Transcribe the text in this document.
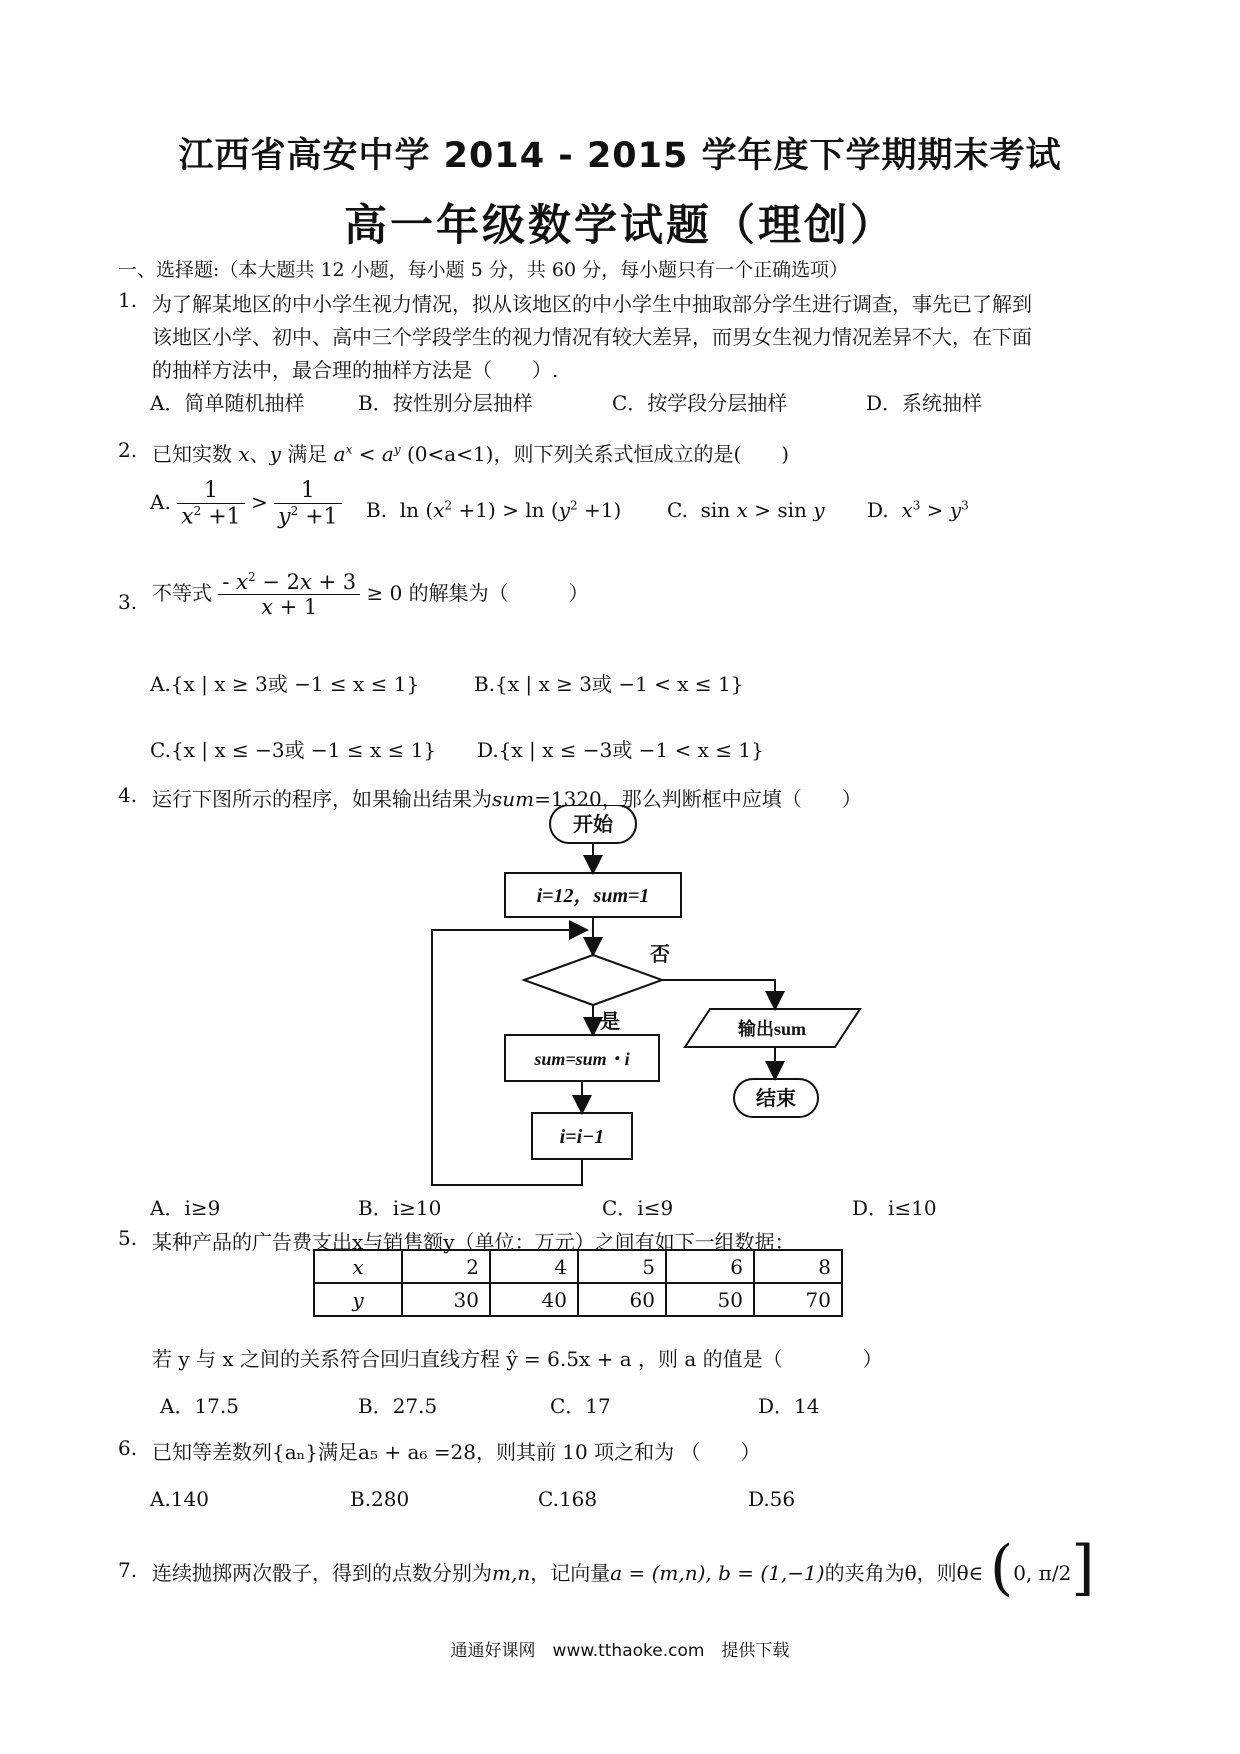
江西省高安中学 2014 - 2015 学年度下学期期末考试
高一年级数学试题（理创）
一、选择题:（本大题共 12 小题，每小题 5 分，共 60 分，每小题只有一个正确选项）
1. 为了解某地区的中小学生视力情况，拟从该地区的中小学生中抽取部分学生进行调查，事先已了解到
该地区小学、初中、高中三个学段学生的视力情况有较大差异，而男女生视力情况差异不大，在下面
的抽样方法中，最合理的抽样方法是（　　）.
A．简单随机抽样	B．按性别分层抽样	C．按学段分层抽样	D．系统抽样
2. 已知实数 x、y 满足 $a^x < a^y$ (0<a<1)，则下列关系式恒成立的是(　　)
A. $\frac{1}{x^2 +1} > \frac{1}{y^2 +1} B$.  $\ln (x^2 +1) > \ln (y^2 +1)$ C.  sin x > sin y D. $x^3 > y^3$
3. 不等式 $\frac{- x^2 - 2x + 3}{x + 1} \ge 0$ 的解集为（　　　）
A.{x | x ≥ 3或 −1 ≤ x ≤ 1}	B.{x | x ≥ 3或 −1 < x ≤ 1}
C.{x | x ≤ −3或 −1 ≤ x ≤ 1} D.{x | x ≤ −3或 −1 < x ≤ 1}
4. 运行下图所示的程序，如果输出结果为sum=1320，那么判断框中应填（　　）
开始
i=12，sum=1
否
是
sum=sum・i
i=i−1
输出sum
结束
A．i≥9	B．i≥10	C．i≤9	D．i≤10
5. 某种产品的广告费支出x与销售额y（单位：万元）之间有如下一组数据：
x	2	4	5	6	8
y	30	40	60	50	70
若 y 与 x 之间的关系符合回归直线方程 ŷ = 6.5x + a ，则 a 的值是（　　　　）
A．17.5	B．27.5	C．17	D．14
6. 已知等差数列{aₙ}满足a₅ + a₆ =28，则其前 10 项之和为 （　　）
A.140	B.280	C.168	D.56
7. 连续抛掷两次骰子，得到的点数分别为m,n，记向量a = (m,n), b = (1,−1)的夹角为θ，则θ∈ (0, π/2]
通通好课网　www.tthaoke.com　提供下载
